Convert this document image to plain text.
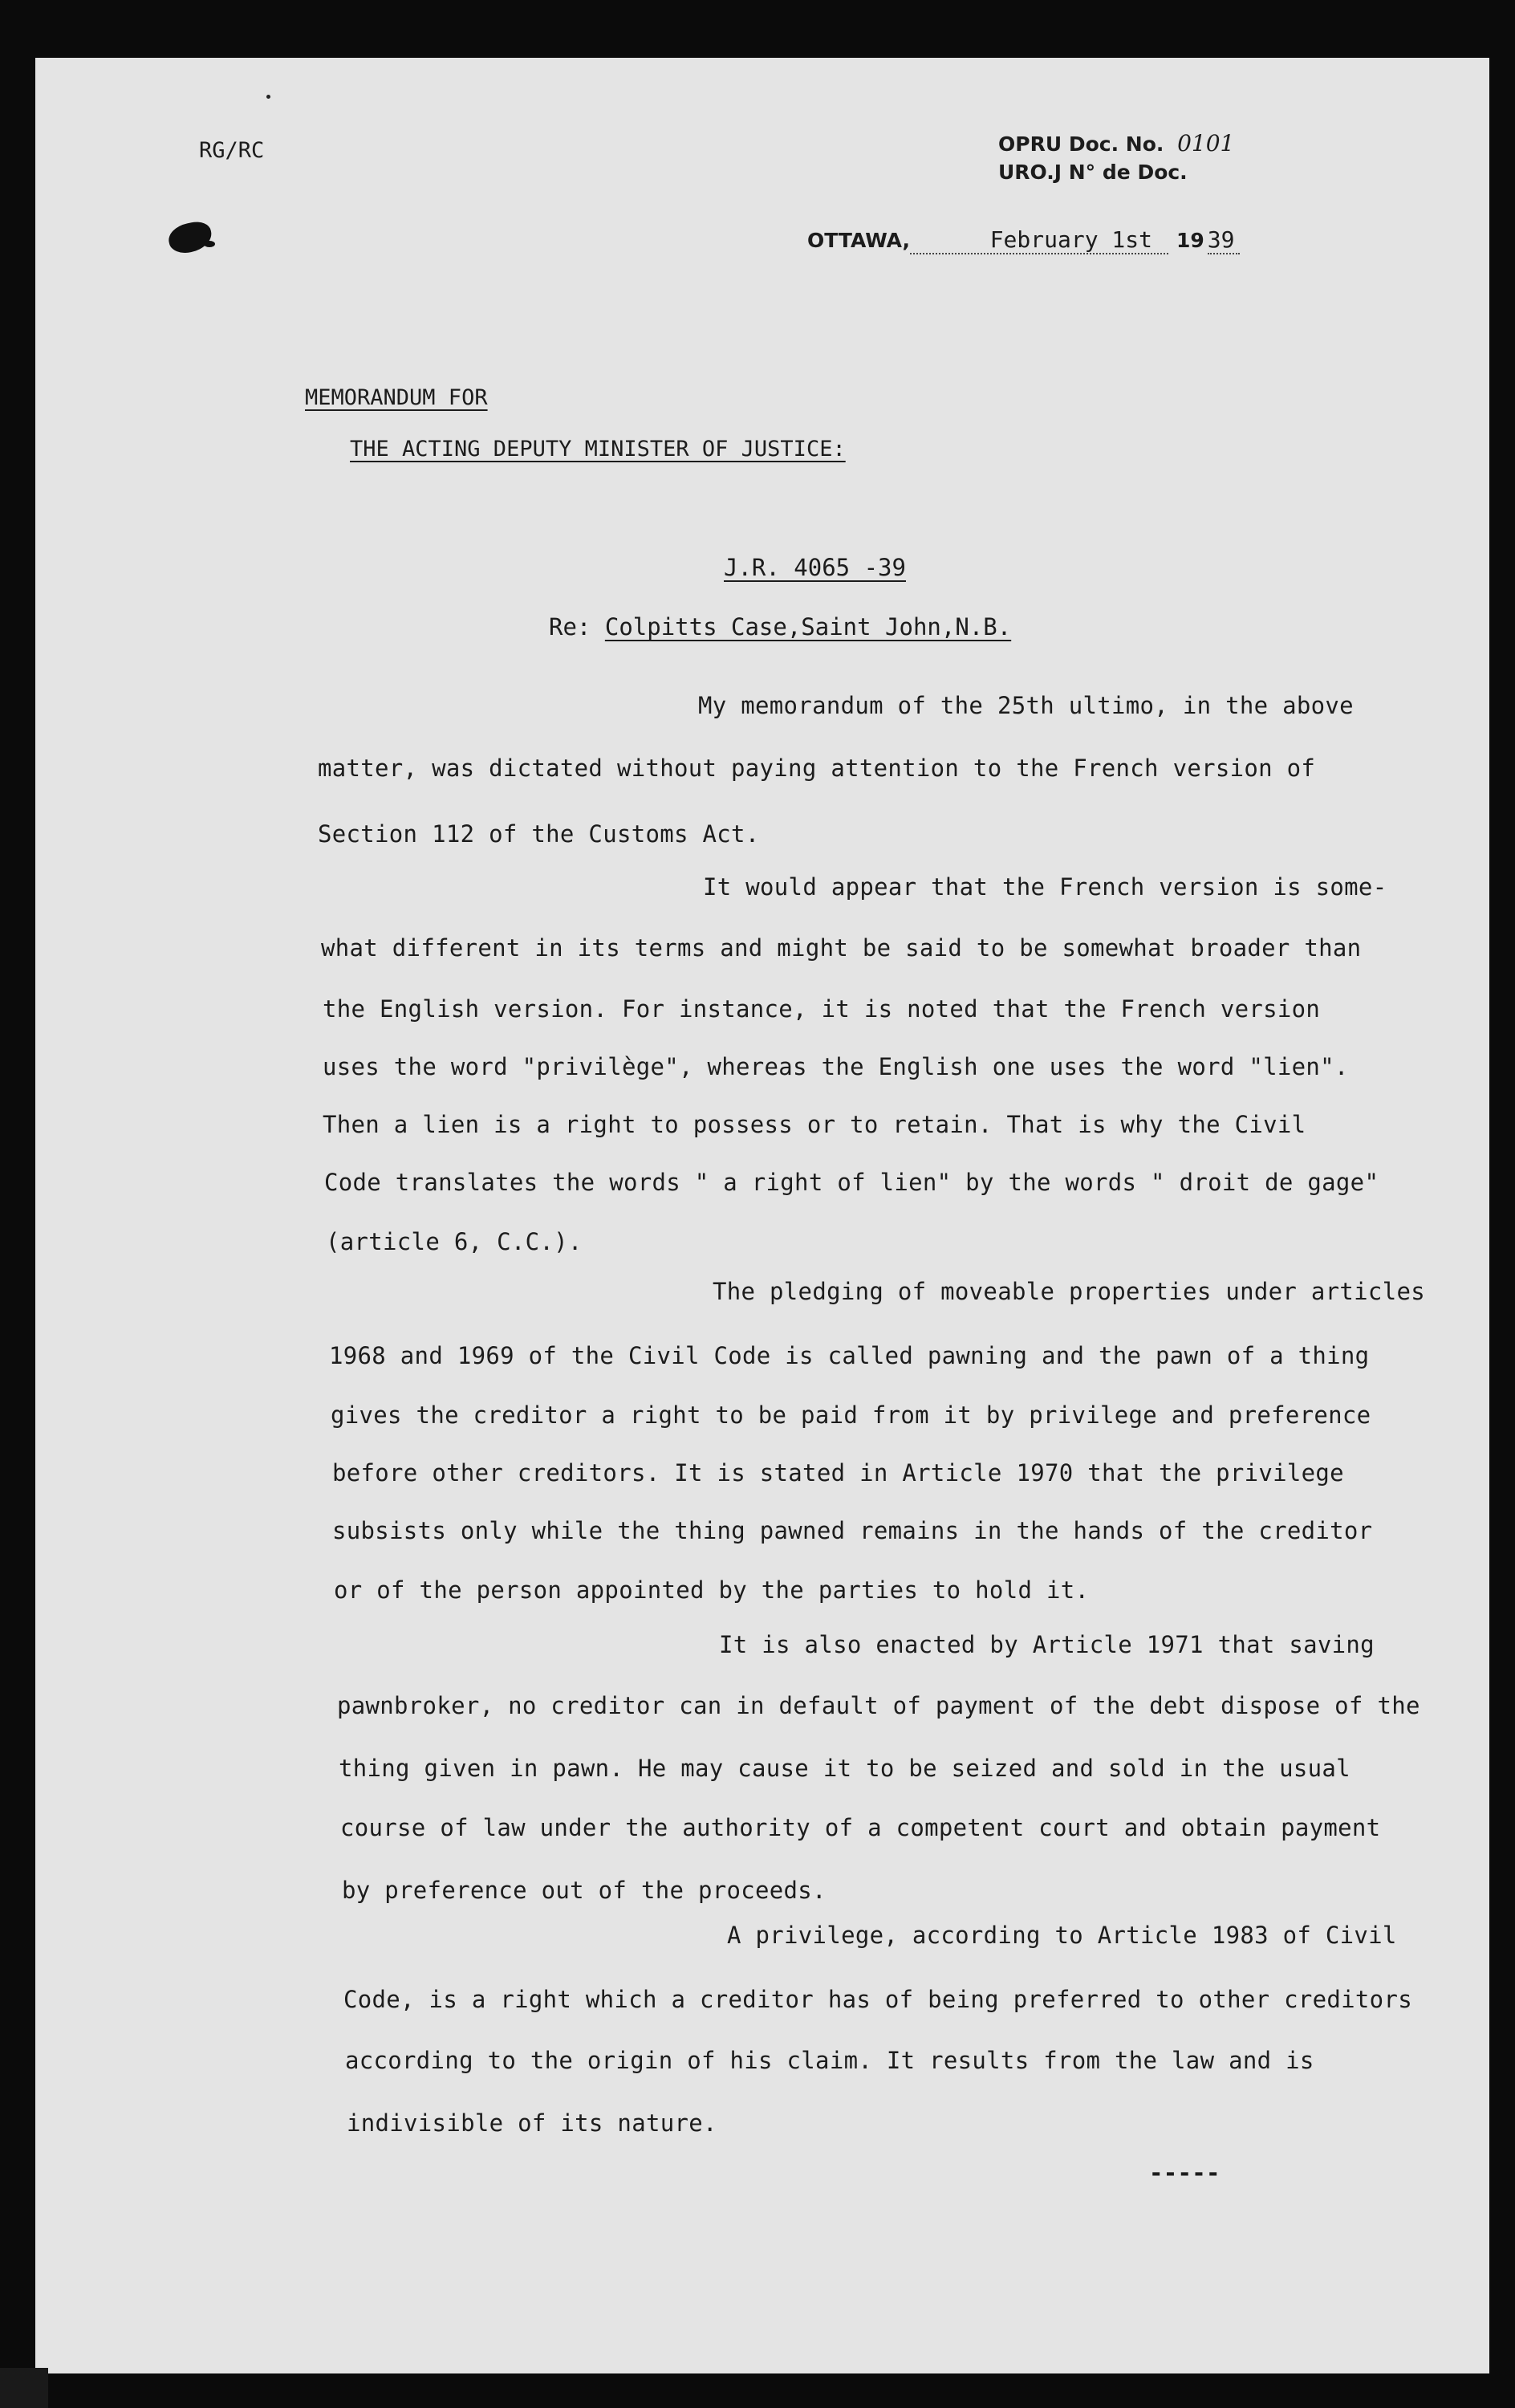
RG/RC	OPRU Doc. No. 0101
URO.J N° de Doc.
OTTAWA,	February 1st 19 39
MEMORANDUM FOR
THE ACTING DEPUTY MINISTER OF JUSTICE:
J.R. 4065 -39
Re: Colpitts Case,Saint John,N.B.
My memorandum of the 25th ultimo, in the above
matter, was dictated without paying attention to the French version of
Section 112 of the Customs Act.
It would appear that the French version is some-
what different in its terms and might be said to be somewhat broader than
the English version. For instance, it is noted that the French version
uses the word "privilège", whereas the English one uses the word "lien".
Then a lien is a right to possess or to retain. That is why the Civil
Code translates the words " a right of lien" by the words " droit de gage"
(article 6, C.C.).
The pledging of moveable properties under articles
1968 and 1969 of the Civil Code is called pawning and the pawn of a thing
gives the creditor a right to be paid from it by privilege and preference
before other creditors. It is stated in Article 1970 that the privilege
subsists only while the thing pawned remains in the hands of the creditor
or of the person appointed by the parties to hold it.
It is also enacted by Article 1971 that saving
pawnbroker, no creditor can in default of payment of the debt dispose of the
thing given in pawn. He may cause it to be seized and sold in the usual
course of law under the authority of a competent court and obtain payment
by preference out of the proceeds.
A privilege, according to Article 1983 of Civil
Code, is a right which a creditor has of being preferred to other creditors
according to the origin of his claim. It results from the law and is
indivisible of its nature.
-----
